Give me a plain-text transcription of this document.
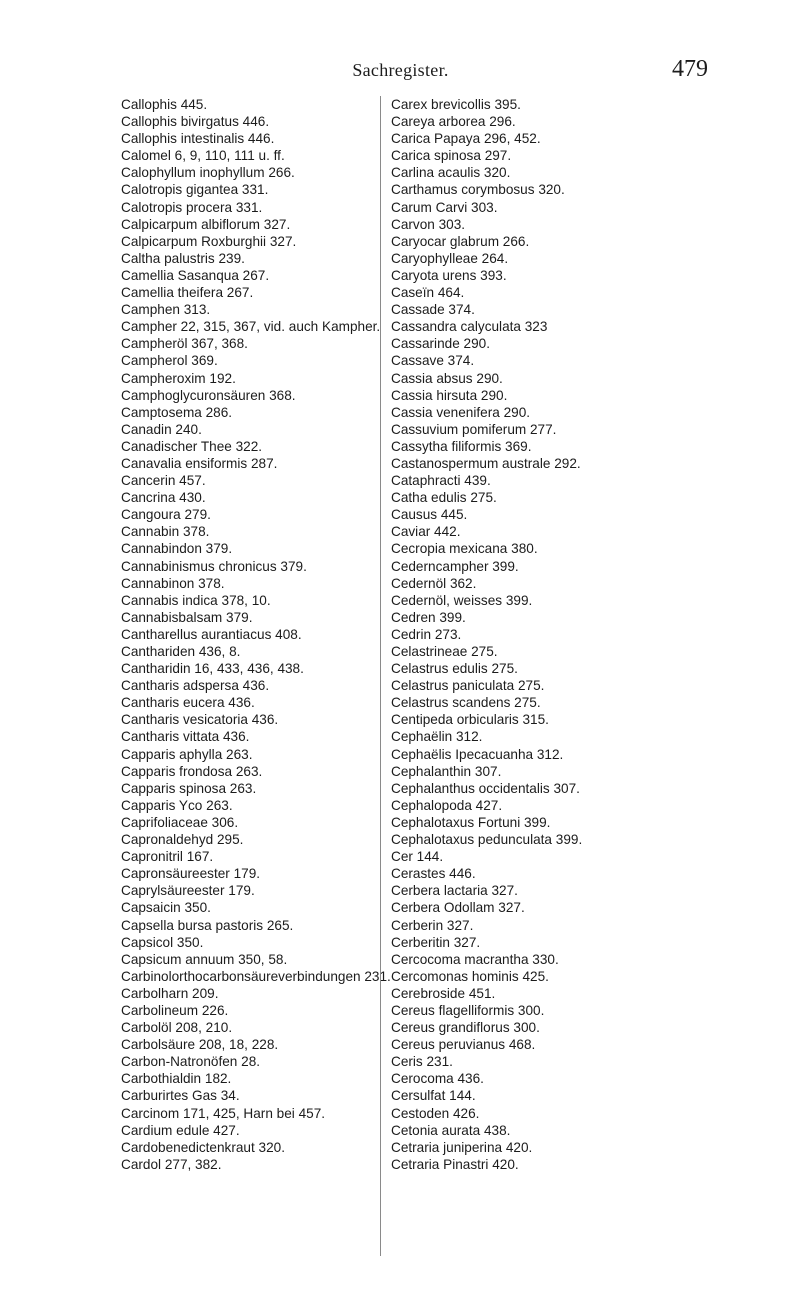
Sachregister.	479
Callophis 445.
Callophis bivirgatus 446.
Callophis intestinalis 446.
Calomel 6, 9, 110, 111 u. ff.
Calophyllum inophyllum 266.
Calotropis gigantea 331.
Calotropis procera 331.
Calpicarpum albiflorum 327.
Calpicarpum Roxburghii 327.
Caltha palustris 239.
Camellia Sasanqua 267.
Camellia theifera 267.
Camphen 313.
Campher 22, 315, 367, vid. auch Kampher.
Campheröl 367, 368.
Campherol 369.
Campheroxim 192.
Camphoglycuronsäuren 368.
Camptosema 286.
Canadin 240.
Canadischer Thee 322.
Canavalia ensiformis 287.
Cancerin 457.
Cancrina 430.
Cangoura 279.
Cannabin 378.
Cannabindon 379.
Cannabinismus chronicus 379.
Cannabinon 378.
Cannabis indica 378, 10.
Cannabisbalsam 379.
Cantharellus aurantiacus 408.
Canthariden 436, 8.
Cantharidin 16, 433, 436, 438.
Cantharis adspersa 436.
Cantharis eucera 436.
Cantharis vesicatoria 436.
Cantharis vittata 436.
Capparis aphylla 263.
Capparis frondosa 263.
Capparis spinosa 263.
Capparis Yco 263.
Caprifoliaceae 306.
Capronaldehyd 295.
Capronitril 167.
Capronsäureester 179.
Caprylsäureester 179.
Capsaicin 350.
Capsella bursa pastoris 265.
Capsicol 350.
Capsicum annuum 350, 58.
Carbinolorthocarbonsäureverbindungen 231.
Carbolharn 209.
Carbolineum 226.
Carbolöl 208, 210.
Carbolsäure 208, 18, 228.
Carbon-Natronöfen 28.
Carbothialdin 182.
Carburirtes Gas 34.
Carcinom 171, 425, Harn bei 457.
Cardium edule 427.
Cardobenedictenkraut 320.
Cardol 277, 382.
Carex brevicollis 395.
Careya arborea 296.
Carica Papaya 296, 452.
Carica spinosa 297.
Carlina acaulis 320.
Carthamus corymbosus 320.
Carum Carvi 303.
Carvon 303.
Caryocar glabrum 266.
Caryophylleae 264.
Caryota urens 393.
Caseïn 464.
Cassade 374.
Cassandra calyculata 323
Cassarinde 290.
Cassave 374.
Cassia absus 290.
Cassia hirsuta 290.
Cassia venenifera 290.
Cassuvium pomiferum 277.
Cassytha filiformis 369.
Castanospermum australe 292.
Cataphracti 439.
Catha edulis 275.
Causus 445.
Caviar 442.
Cecropia mexicana 380.
Cederncampher 399.
Cedernöl 362.
Cedernöl, weisses 399.
Cedren 399.
Cedrin 273.
Celastrineae 275.
Celastrus edulis 275.
Celastrus paniculata 275.
Celastrus scandens 275.
Centipeda orbicularis 315.
Cephaëlin 312.
Cephaëlis Ipecacuanha 312.
Cephalanthin 307.
Cephalanthus occidentalis 307.
Cephalopoda 427.
Cephalotaxus Fortuni 399.
Cephalotaxus pedunculata 399.
Cer 144.
Cerastes 446.
Cerbera lactaria 327.
Cerbera Odollam 327.
Cerberin 327.
Cerberitin 327.
Cercocoma macrantha 330.
Cercomonas hominis 425.
Cerebroside 451.
Cereus flagelliformis 300.
Cereus grandiflorus 300.
Cereus peruvianus 468.
Ceris 231.
Cerocoma 436.
Cersulfat 144.
Cestoden 426.
Cetonia aurata 438.
Cetraria juniperina 420.
Cetraria Pinastri 420.
